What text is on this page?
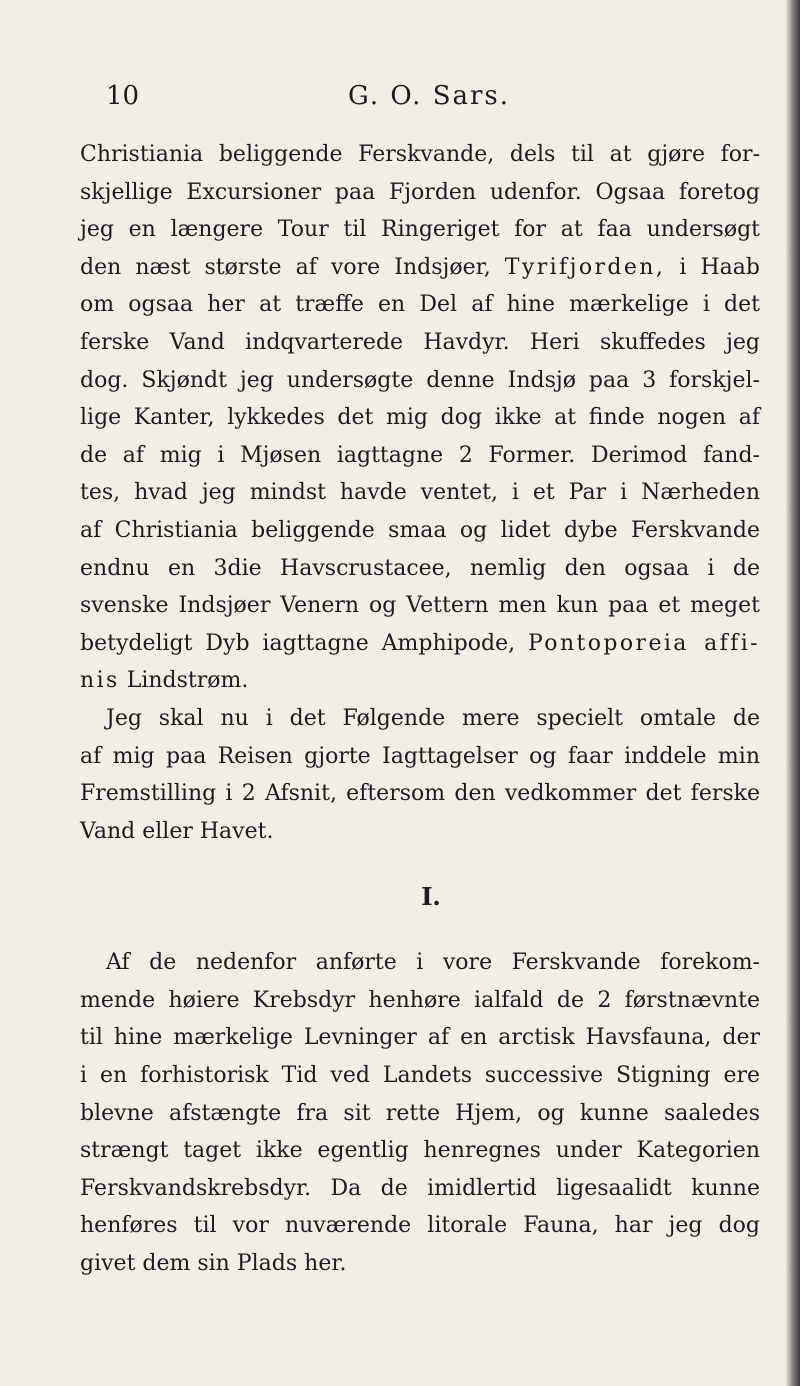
10	G. O. Sars.
Christiania beliggende Ferskvande, dels til at gjøre for-
skjellige Excursioner paa Fjorden udenfor. Ogsaa foretog
jeg en længere Tour til Ringeriget for at faa undersøgt
den næst største af vore Indsjøer, Tyrifjorden, i Haab
om ogsaa her at træffe en Del af hine mærkelige i det
ferske Vand indqvarterede Havdyr. Heri skuffedes jeg
dog. Skjøndt jeg undersøgte denne Indsjø paa 3 forskjel-
lige Kanter, lykkedes det mig dog ikke at finde nogen af
de af mig i Mjøsen iagttagne 2 Former. Derimod fand-
tes, hvad jeg mindst havde ventet, i et Par i Nærheden
af Christiania beliggende smaa og lidet dybe Ferskvande
endnu en 3die Havscrustacee, nemlig den ogsaa i de
svenske Indsjøer Venern og Vettern men kun paa et meget
betydeligt Dyb iagttagne Amphipode, Pontoporeia affi-
nis Lindstrøm.
Jeg skal nu i det Følgende mere specielt omtale de
af mig paa Reisen gjorte Iagttagelser og faar inddele min
Fremstilling i 2 Afsnit, eftersom den vedkommer det ferske
Vand eller Havet.
I.
Af de nedenfor anførte i vore Ferskvande forekom-
mende høiere Krebsdyr henhøre ialfald de 2 førstnævnte
til hine mærkelige Levninger af en arctisk Havsfauna, der
i en forhistorisk Tid ved Landets successive Stigning ere
blevne afstængte fra sit rette Hjem, og kunne saaledes
strængt taget ikke egentlig henregnes under Kategorien
Ferskvandskrebsdyr. Da de imidlertid ligesaalidt kunne
henføres til vor nuværende litorale Fauna, har jeg dog
givet dem sin Plads her.
